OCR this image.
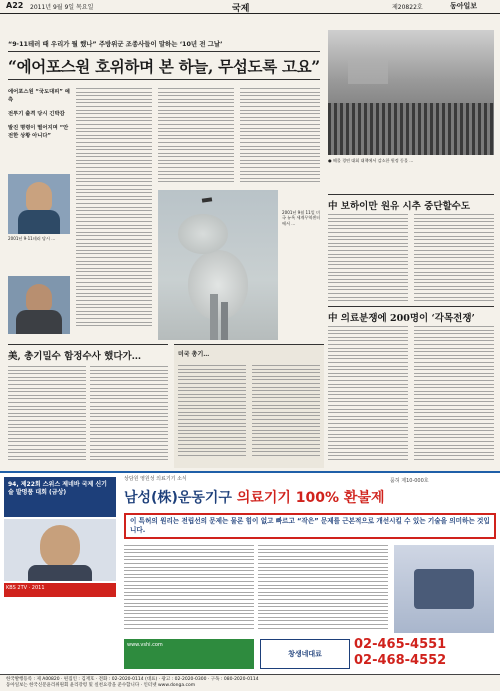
A22 2011년 9월 9일 목요일	국제	제20822호	동아일보
“9·11테러 때 우리가 뭘 했나” 주방위군 조종사들이 말하는 ‘10년 전 그날’
“에어포스원 호위하며 본 하늘, 무섭도록 고요”
에어포스원 “국도대피” 예측
전투기 출격 당시 긴박감
발진 명령이 떨어지며 “안전한 상황 아니다”
2001년 9·11테러 당시 …
2001년 9월 11일 미국 뉴욕 세계무역센터에서 …
● 해물 경연 대회 대책에서 감소한 원정 동물 …
中 보하이만 원유 시추 중단할수도
中 의료분쟁에 200명이 ‘각목전쟁’
美, 총기밀수 함정수사 했다가…	미국 총기…
94, 제22회 스위스 제네바 국제 신기술 발명품 대회 (금상)
KBS 2TV · 2011
상담원 영원성 의료기기 소식
남성(株)운동기구 의료기기 100% 환불제
품허 제10-000호
이 특허의 원리는 전립선의 문제는 물론 힘이 없고 빠르고 “작은” 문제를 근본적으로 개선시킬 수 있는 기술을 의미하는 것입니다.
www.vshi.com
창생네대료
02-465-4551
02-468-4552
한국발행등록 : 제 A00820 · 편집인 : 김재호 · 전화 : 02-2020-0114 (대표) · 광고 : 02-2020-0300 · 구독 : 080-2020-0114
동아일보는 한국신문윤리위원회 윤리강령 및 실천요강을 준수합니다 · 인터넷 www.donga.com
